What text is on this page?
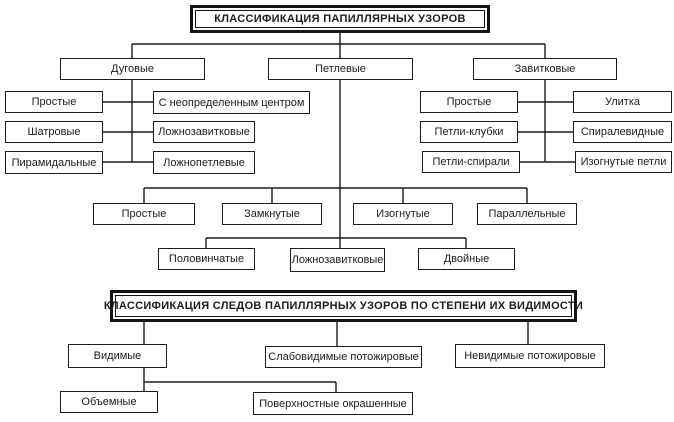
КЛАССИФИКАЦИЯ ПАПИЛЛЯРНЫХ УЗОРОВ
Дуговые	Петлевые	Завитковые
Простые
Шатровые
Пирамидальные
С неопределенным центром
Ложнозавитковые
Ложнопетлевые
Простые
Петли-клубки
Петли-спирали
Улитка
Спиралевидные
Изогнутые петли
Простые	Замкнутые	Изогнутые	Параллельные
Половинчатые	Ложнозавитковые	Двойные
КЛАССИФИКАЦИЯ СЛЕДОВ ПАПИЛЛЯРНЫХ УЗОРОВ ПО СТЕПЕНИ ИХ ВИДИМОСТИ
Видимые	Слабовидимые потожировые	Невидимые потожировые
Объемные	Поверхностные окрашенные
